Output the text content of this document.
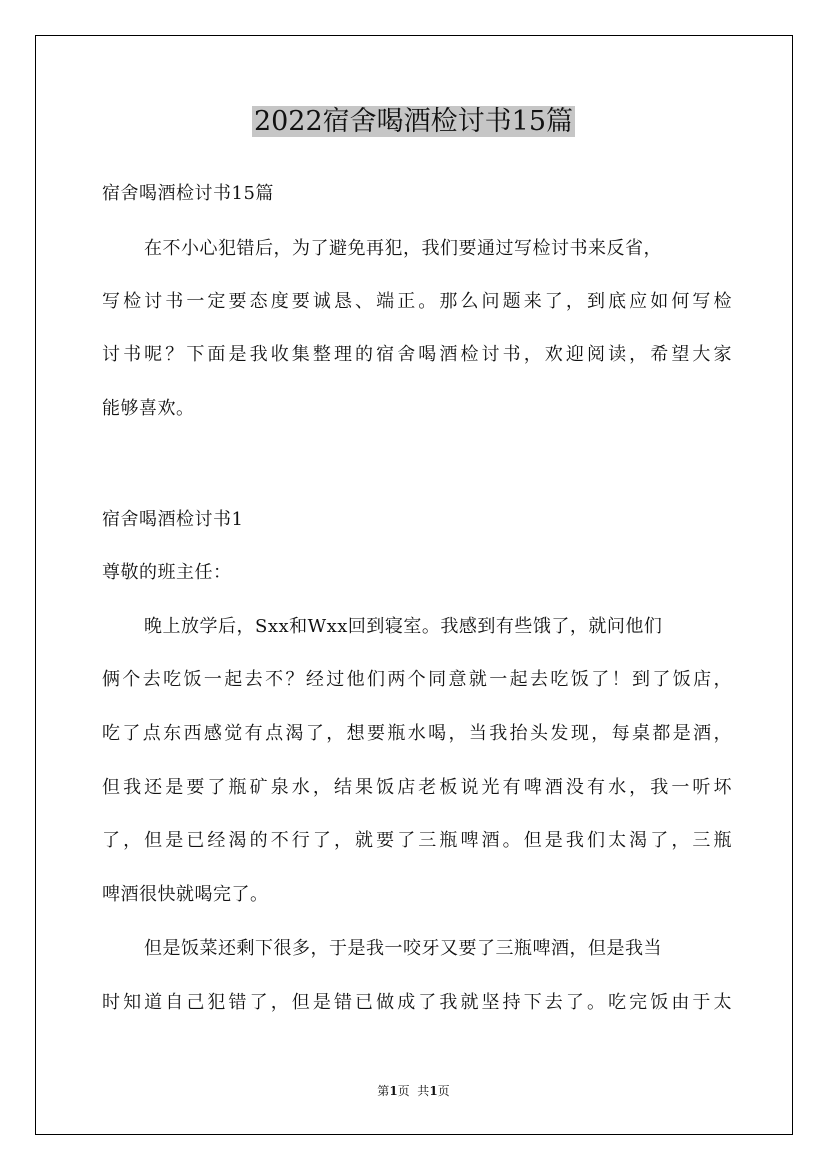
2022宿舍喝酒检讨书15篇
宿舍喝酒检讨书15篇
在不小心犯错后，为了避免再犯，我们要通过写检讨书来反省，
写检讨书一定要态度要诚恳、端正。那么问题来了，到底应如何写检
讨书呢？下面是我收集整理的宿舍喝酒检讨书，欢迎阅读，希望大家
能够喜欢。
宿舍喝酒检讨书1
尊敬的班主任：
晚上放学后，Sxx和Wxx回到寝室。我感到有些饿了，就问他们
俩个去吃饭一起去不？经过他们两个同意就一起去吃饭了！到了饭店，
吃了点东西感觉有点渴了，想要瓶水喝，当我抬头发现，每桌都是酒，
但我还是要了瓶矿泉水，结果饭店老板说光有啤酒没有水，我一听坏
了，但是已经渴的不行了，就要了三瓶啤酒。但是我们太渴了，三瓶
啤酒很快就喝完了。
但是饭菜还剩下很多，于是我一咬牙又要了三瓶啤酒，但是我当
时知道自己犯错了，但是错已做成了我就坚持下去了。吃完饭由于太
第1页  共1页
